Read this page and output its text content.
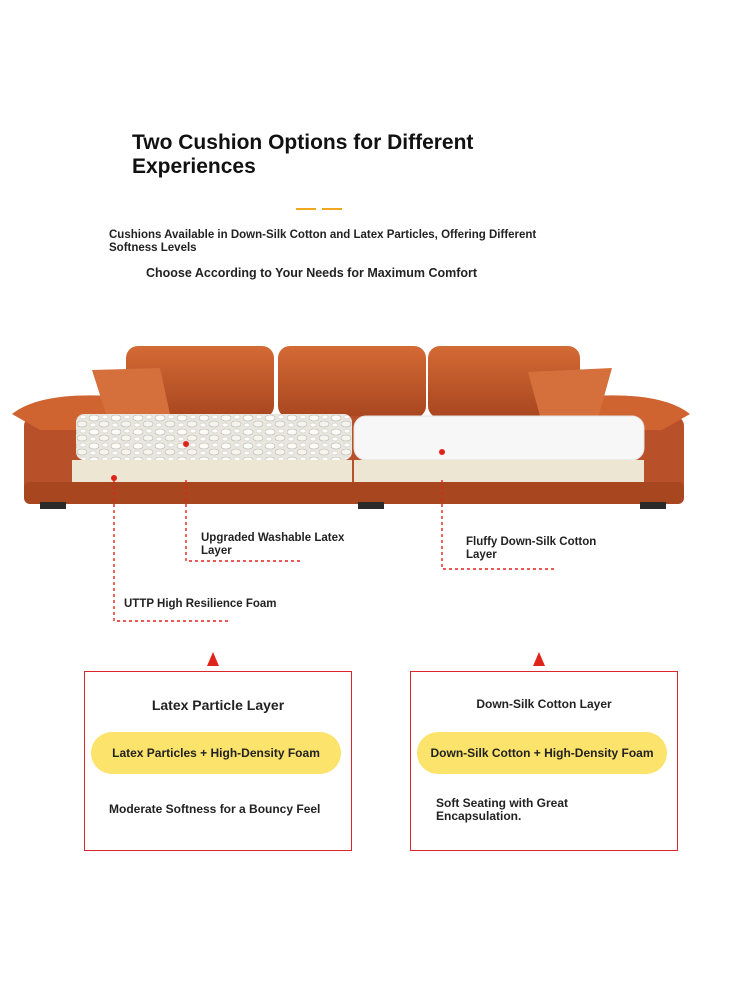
Two Cushion Options for Different Experiences
Cushions Available in Down-Silk Cotton and Latex Particles, Offering Different Softness Levels
Choose According to Your Needs for Maximum Comfort
Upgraded Washable Latex Layer
Fluffy Down-Silk Cotton Layer
UTTP High Resilience Foam
Latex Particle Layer
Latex Particles + High-Density Foam
Moderate Softness for a Bouncy Feel
Down-Silk Cotton Layer
Down-Silk Cotton + High-Density Foam
Soft Seating with Great Encapsulation.
